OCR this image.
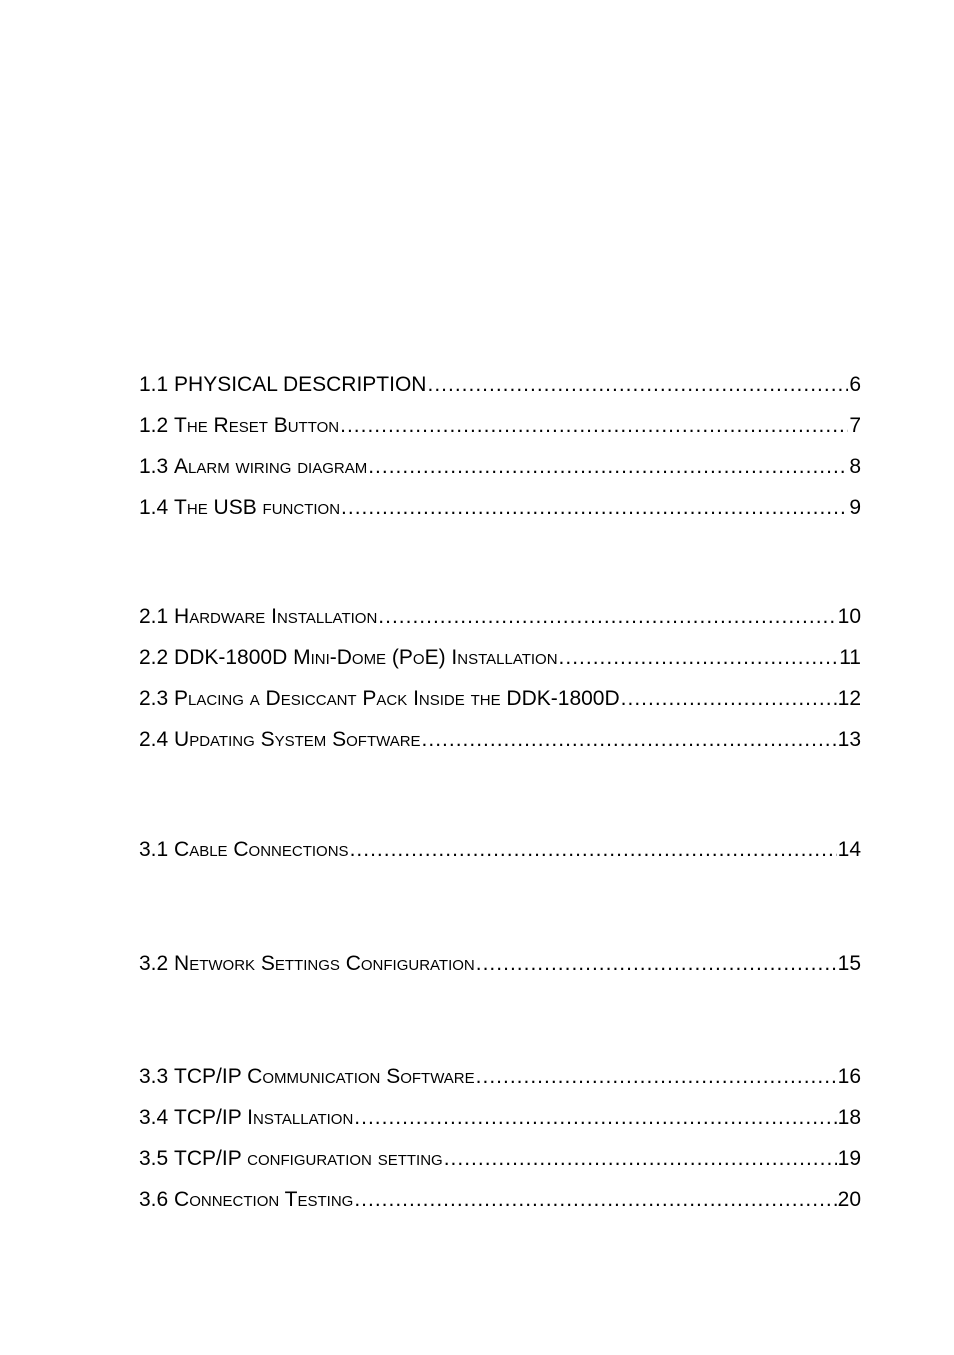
1.1 PHYSICAL DESCRIPTION .....	6
1.2 The Reset Button .....	7
1.3 Alarm wiring diagram .....	8
1.4 The USB function .....	9
2.1 Hardware Installation .....	10
2.2 DDK-1800D Mini-Dome (PoE) Installation .....	11
2.3 Placing a Desiccant Pack Inside the DDK-1800D .....	12
2.4 Updating System Software .....	13
3.1 Cable Connections .....	14
3.2 Network Settings Configuration .....	15
3.3 TCP/IP Communication Software .....	16
3.4 TCP/IP Installation .....	18
3.5 TCP/IP configuration setting .....	19
3.6 Connection Testing .....	20
